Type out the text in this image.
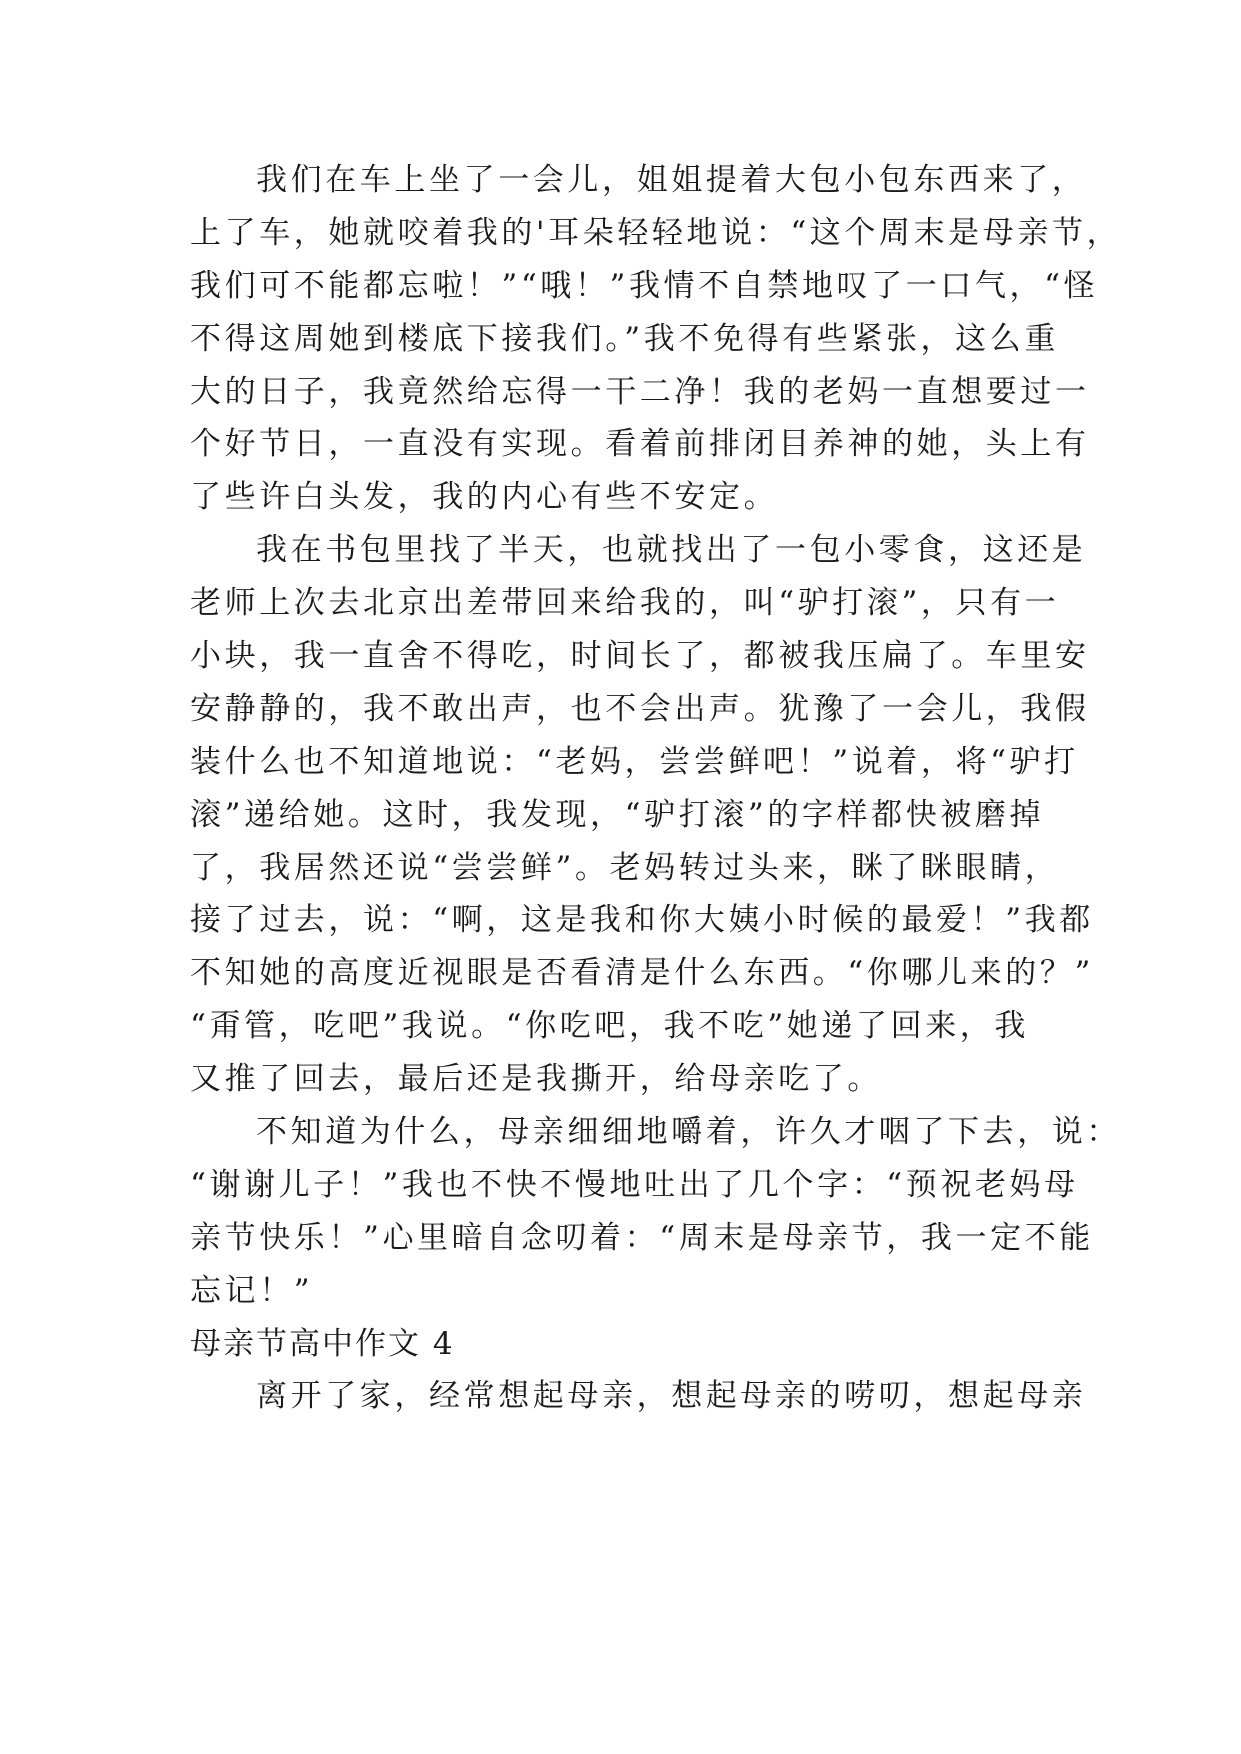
我们在车上坐了一会儿，姐姐提着大包小包东西来了，
上了车，她就咬着我的'耳朵轻轻地说：“这个周末是母亲节，
我们可不能都忘啦！”“哦！”我情不自禁地叹了一口气，“怪
不得这周她到楼底下接我们。”我不免得有些紧张，这么重
大的日子，我竟然给忘得一干二净！我的老妈一直想要过一
个好节日，一直没有实现。看着前排闭目养神的她，头上有
了些许白头发，我的内心有些不安定。
我在书包里找了半天，也就找出了一包小零食，这还是
老师上次去北京出差带回来给我的，叫“驴打滚”，只有一
小块，我一直舍不得吃，时间长了，都被我压扁了。车里安
安静静的，我不敢出声，也不会出声。犹豫了一会儿，我假
装什么也不知道地说：“老妈，尝尝鲜吧！”说着，将“驴打
滚”递给她。这时，我发现，“驴打滚”的字样都快被磨掉
了，我居然还说“尝尝鲜”。老妈转过头来，眯了眯眼睛，
接了过去，说：“啊，这是我和你大姨小时候的最爱！”我都
不知她的高度近视眼是否看清是什么东西。“你哪儿来的？”
“甭管，吃吧”我说。“你吃吧，我不吃”她递了回来，我
又推了回去，最后还是我撕开，给母亲吃了。
不知道为什么，母亲细细地嚼着，许久才咽了下去，说：
“谢谢儿子！”我也不快不慢地吐出了几个字：“预祝老妈母
亲节快乐！”心里暗自念叨着：“周末是母亲节，我一定不能
忘记！”
母亲节高中作文 4
离开了家，经常想起母亲，想起母亲的唠叨，想起母亲
